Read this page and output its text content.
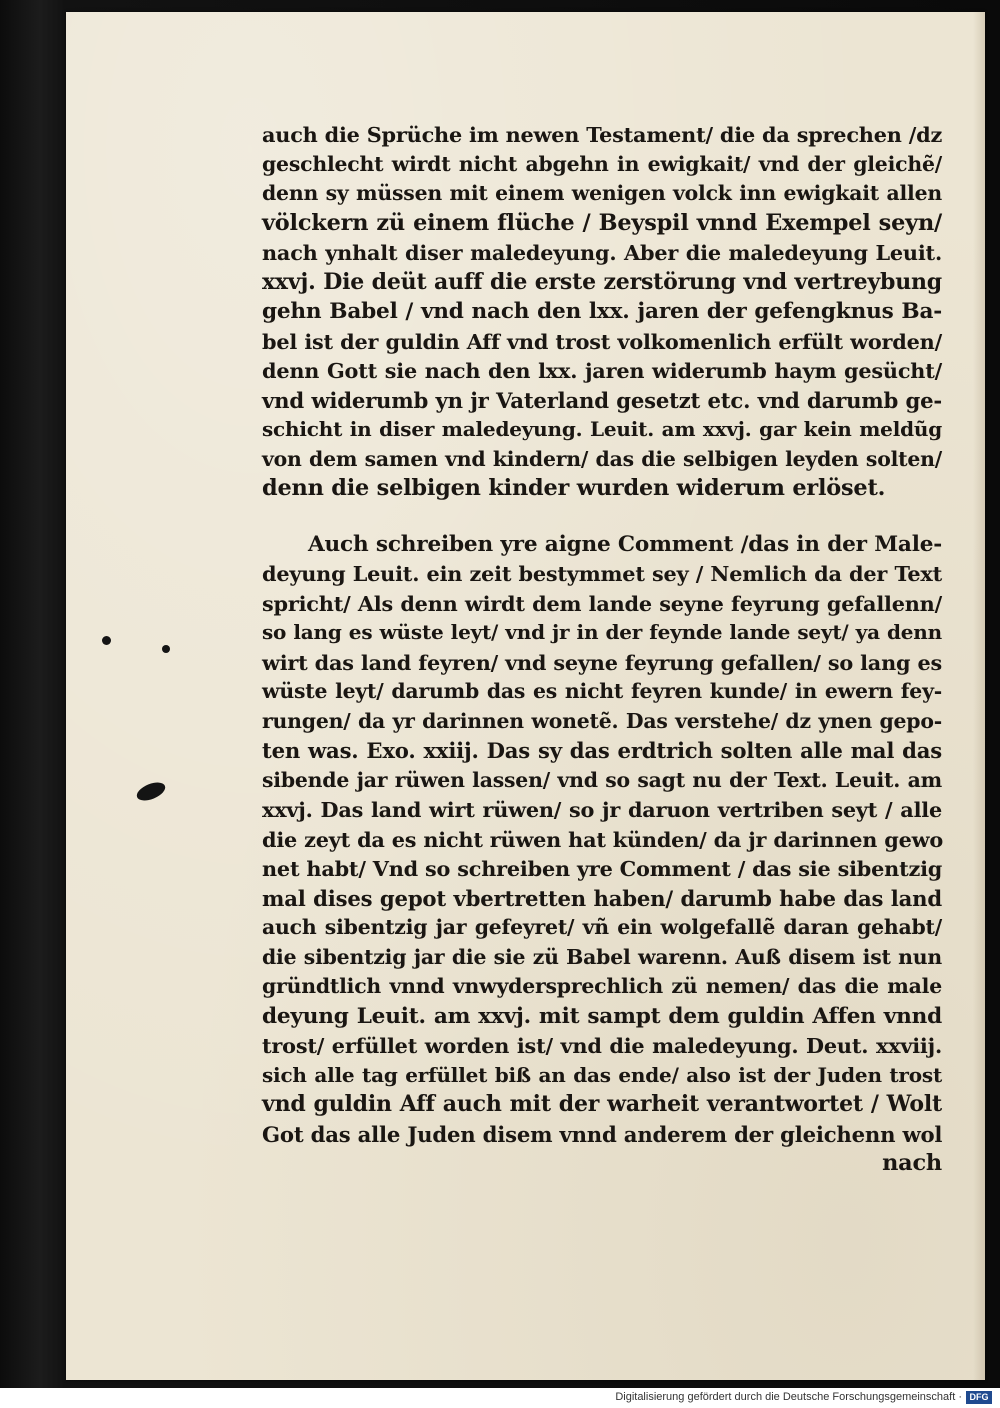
auch die Sprüche im newen Testament/ die da sprechen /dz
geschlecht wirdt nicht abgehn in ewigkait/ vnd der gleichẽ/
denn sy müssen mit einem wenigen volck inn ewigkait allen
völckern zü einem flüche / Beyspil vnnd Exempel seyn/
nach ynhalt diser maledeyung. Aber die maledeyung Leuit.
xxvj. Die deüt auff die erste zerstörung vnd vertreybung
gehn Babel / vnd nach den lxx. jaren der gefengknus Ba-
bel ist der guldin Aff vnd trost volkomenlich erfült worden/
denn Gott sie nach den lxx. jaren widerumb haym gesücht/
vnd widerumb yn jr Vaterland gesetzt etc. vnd darumb ge-
schicht in diser maledeyung. Leuit. am xxvj. gar kein meldũg
von dem samen vnd kindern/ das die selbigen leyden solten/
denn die selbigen kinder wurden widerum erlöset.
Auch schreiben yre aigne Comment /das in der Male-
deyung Leuit. ein zeit bestymmet sey / Nemlich da der Text
spricht/ Als denn wirdt dem lande seyne feyrung gefallenn/
so lang es wüste leyt/ vnd jr in der feynde lande seyt/ ya denn
wirt das land feyren/ vnd seyne feyrung gefallen/ so lang es
wüste leyt/ darumb das es nicht feyren kunde/ in ewern fey-
rungen/ da yr darinnen wonetẽ. Das verstehe/ dz ynen gepo-
ten was. Exo. xxiij. Das sy das erdtrich solten alle mal das
sibende jar rüwen lassen/ vnd so sagt nu der Text. Leuit. am
xxvj. Das land wirt rüwen/ so jr daruon vertriben seyt / alle
die zeyt da es nicht rüwen hat künden/ da jr darinnen gewo
net habt/ Vnd so schreiben yre Comment / das sie sibentzig
mal dises gepot vbertretten haben/ darumb habe das land
auch sibentzig jar gefeyret/ vñ ein wolgefallẽ daran gehabt/
die sibentzig jar die sie zü Babel warenn. Auß disem ist nun
gründtlich vnnd vnwydersprechlich zü nemen/ das die male
deyung Leuit. am xxvj. mit sampt dem guldin Affen vnnd
trost/ erfüllet worden ist/ vnd die maledeyung. Deut. xxviij.
sich alle tag erfüllet biß an das ende/ also ist der Juden trost
vnd guldin Aff auch mit der warheit verantwortet / Wolt
Got das alle Juden disem vnnd anderem der gleichenn wol
nach
Digitalisierung gefördert durch die Deutsche Forschungsgemeinschaft · DFG
